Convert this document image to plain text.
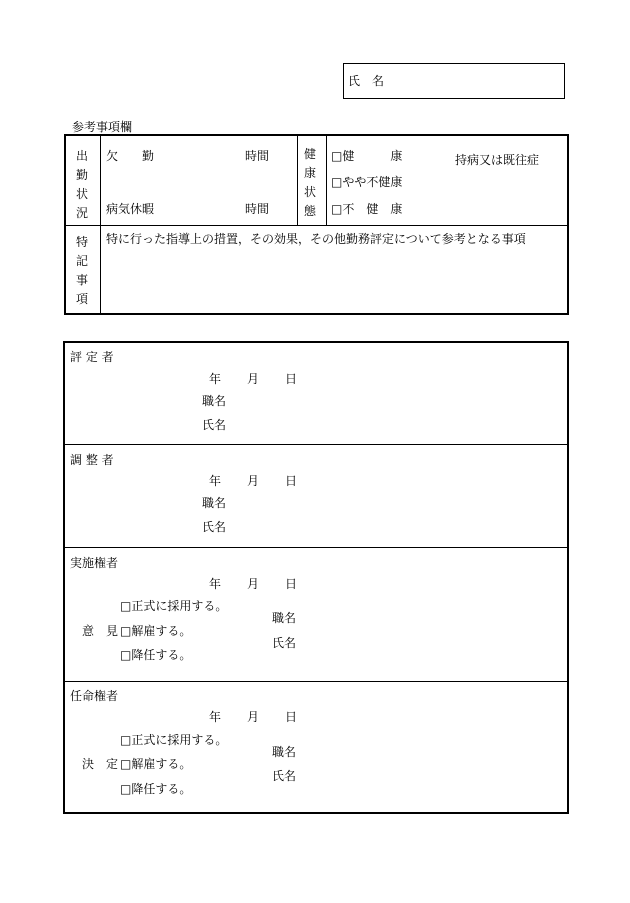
氏　名
参考事項欄
出
勤
状
況
欠　　勤	時間
病気休暇	時間
健
康
状
態
□健　　　康
□やや不健康
□不　健　康
持病又は既往症
特
記
事
項
特に行った指導上の措置，その効果，その他勤務評定について参考となる事項
評 定 者
年 月 日
職名
氏名
調 整 者
年 月 日
職名
氏名
実施権者
年 月 日
意　見
□正式に採用する。
□解雇する。
□降任する。
職名
氏名
任命権者
年 月 日
決　定
□正式に採用する。
□解雇する。
□降任する。
職名
氏名
